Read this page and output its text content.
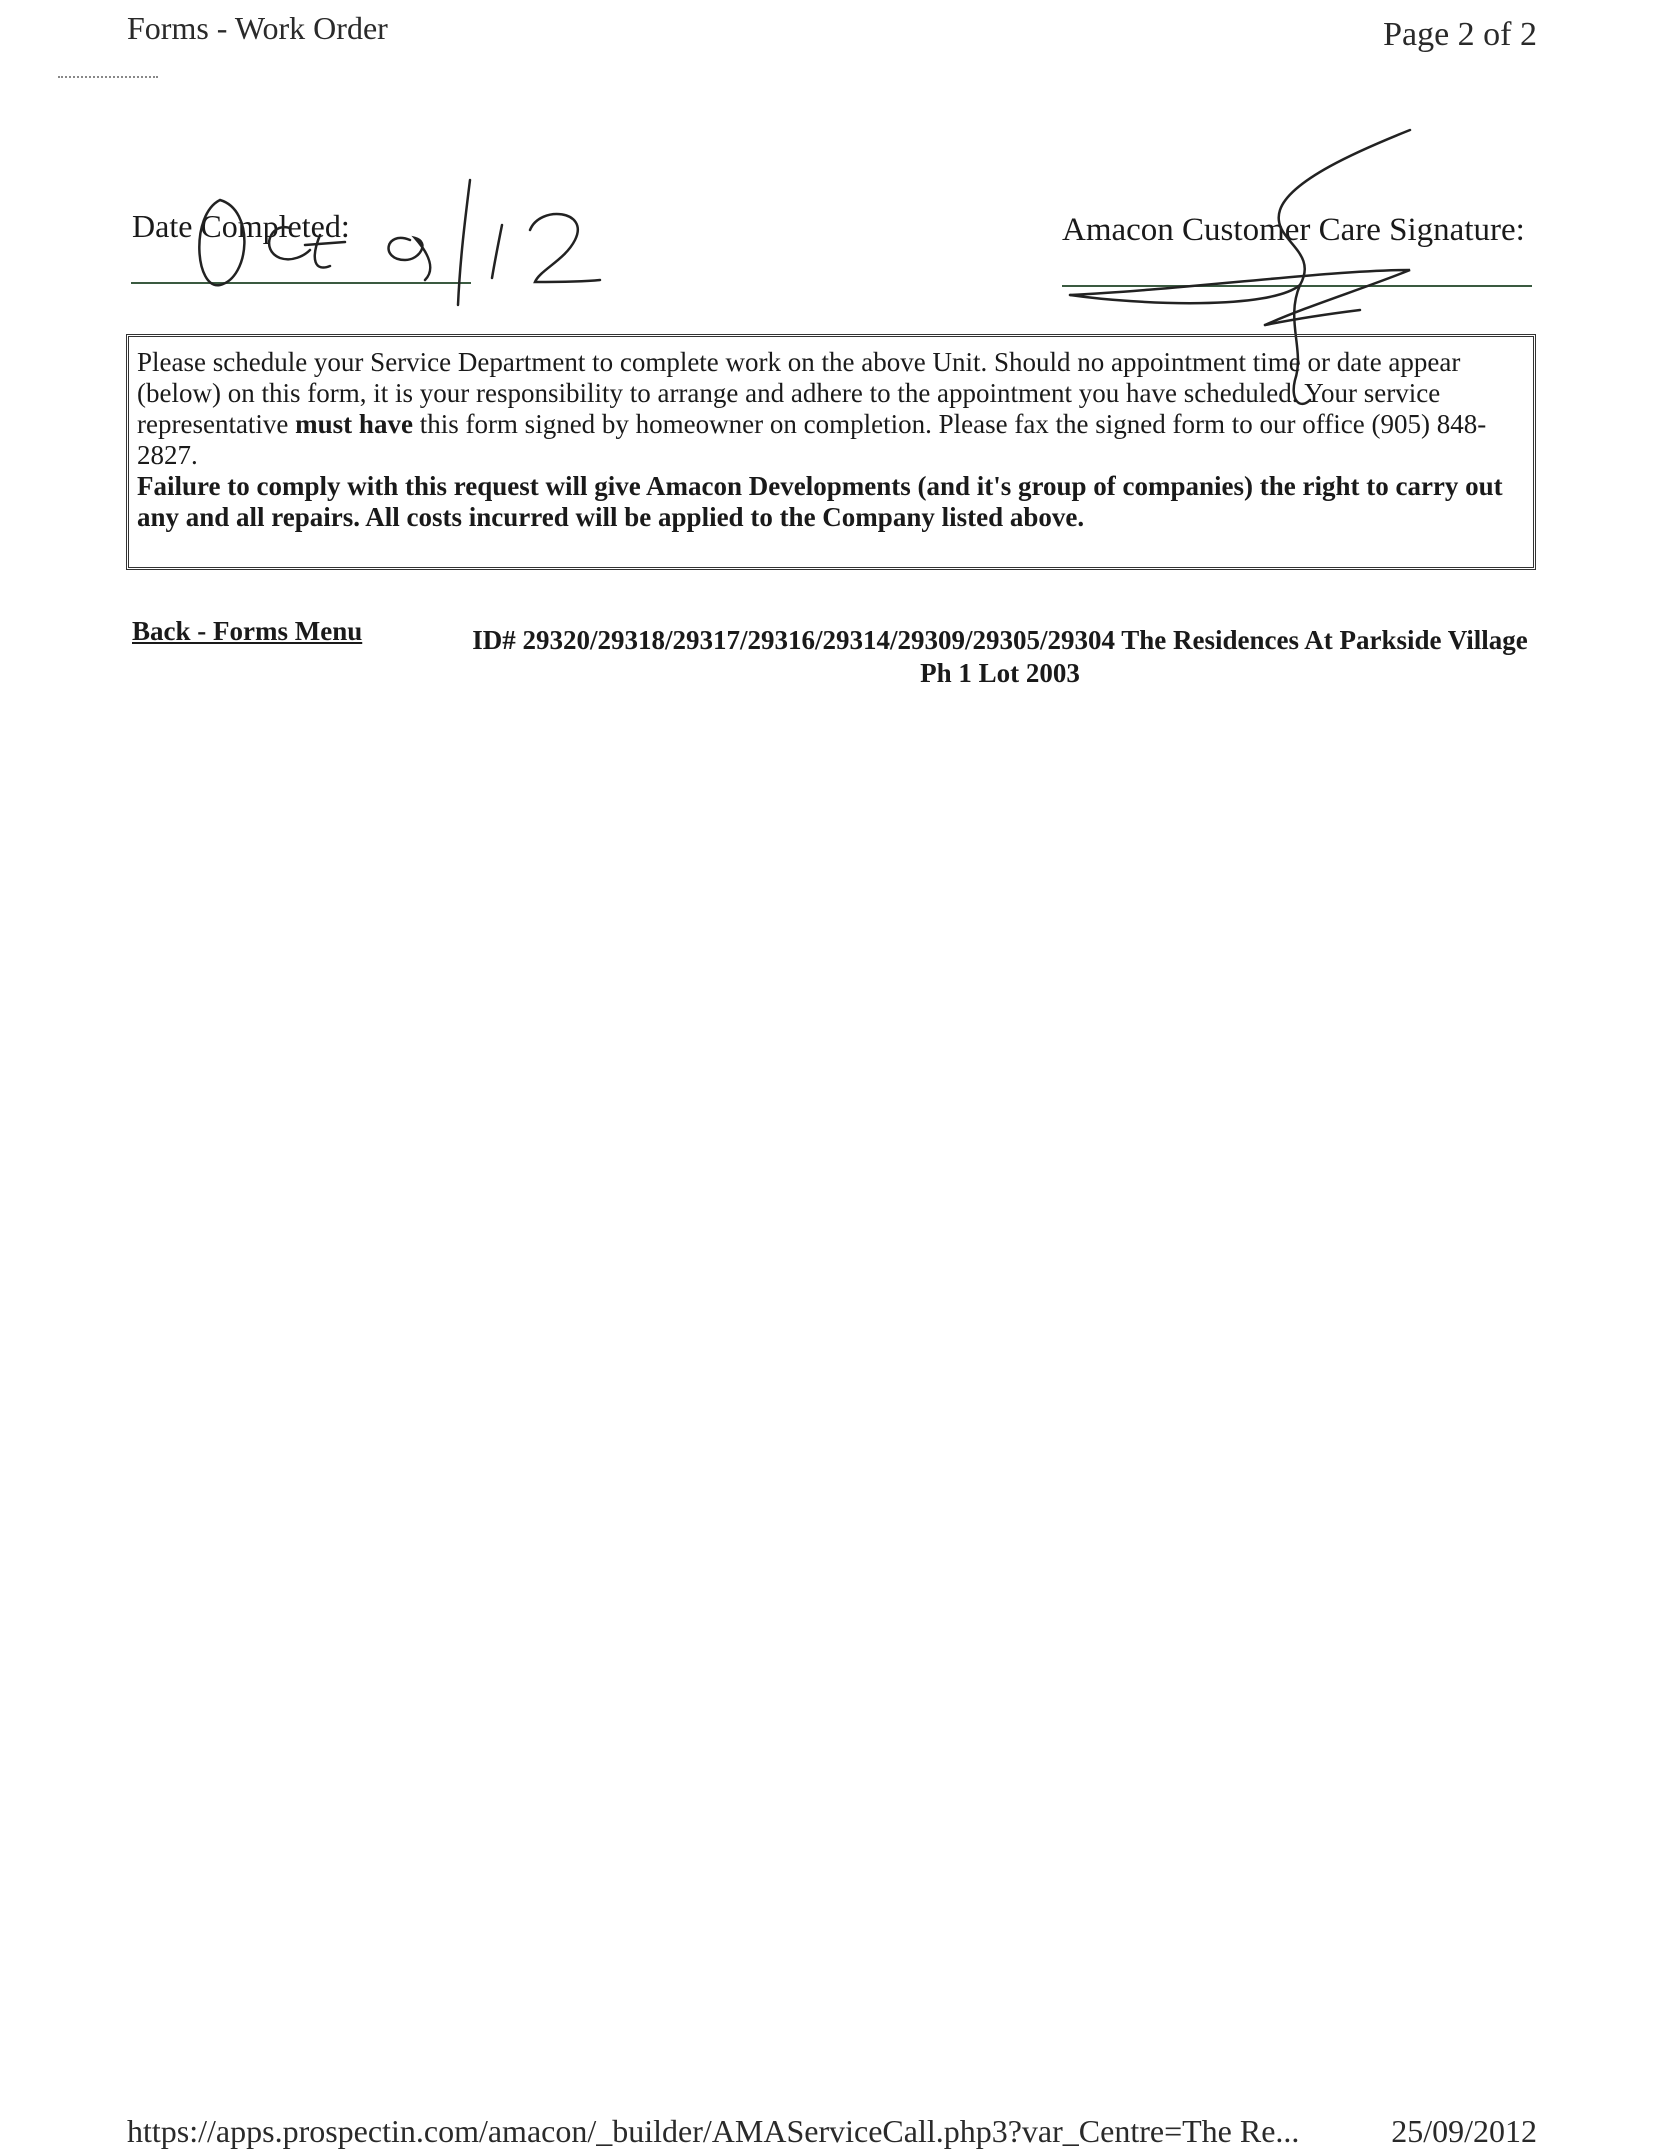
Forms - Work Order	Page 2 of 2
Date Completed:	Amacon Customer Care Signature:
Please schedule your Service Department to complete work on the above Unit. Should no appointment time or date appear (below) on this form, it is your responsibility to arrange and adhere to the appointment you have scheduled. Your service representative must have this form signed by homeowner on completion. Please fax the signed form to our office (905) 848-2827.
Failure to comply with this request will give Amacon Developments (and it's group of companies) the right to carry out any and all repairs. All costs incurred will be applied to the Company listed above.
Back - Forms Menu	ID# 29320/29318/29317/29316/29314/29309/29305/29304 The Residences At Parkside Village Ph 1 Lot 2003
https://apps.prospectin.com/amacon/_builder/AMAServiceCall.php3?var_Centre=The Re...	25/09/2012
